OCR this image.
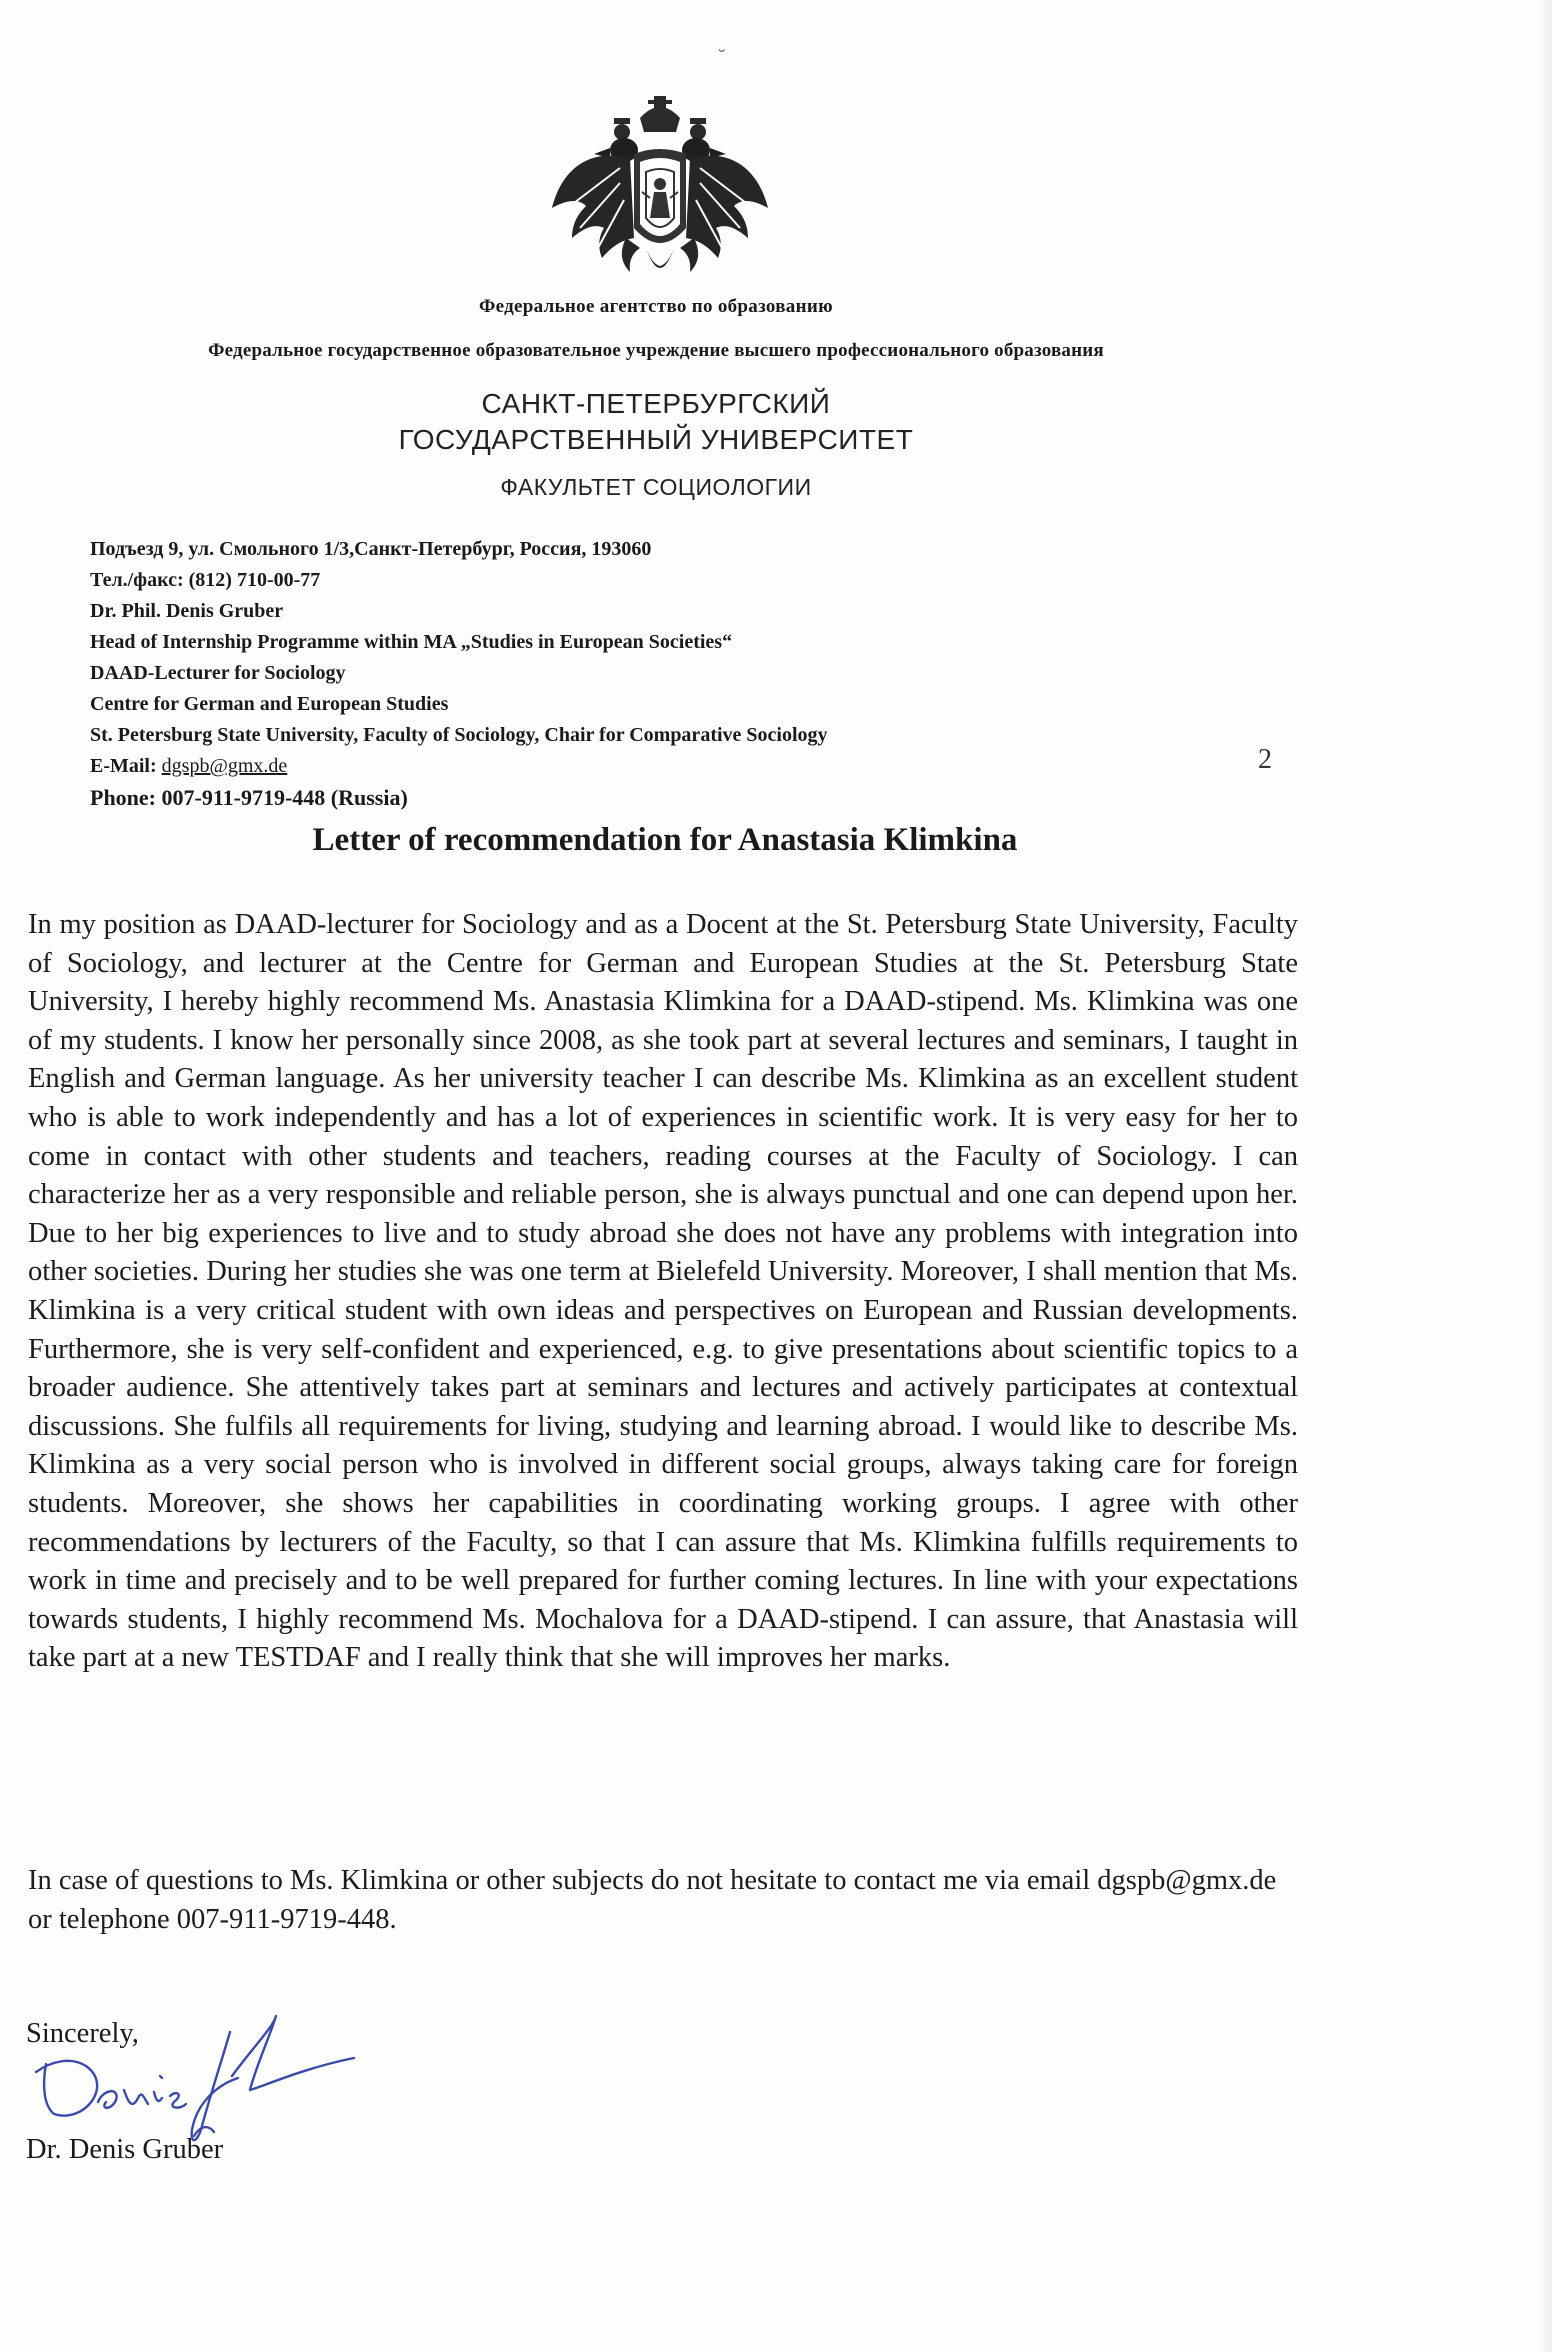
Федеральное агентство по образованию
Федеральное государственное образовательное учреждение высшего профессионального образования
САНКТ-ПЕТЕРБУРГСКИЙ
ГОСУДАРСТВЕННЫЙ УНИВЕРСИТЕТ
ФАКУЛЬТЕТ СОЦИОЛОГИИ
Подъезд 9, ул. Смольного 1/3,Санкт-Петербург, Россия, 193060
Тел./факс: (812) 710-00-77
Dr. Phil. Denis Gruber
Head of Internship Programme within MA „Studies in European Societies“
DAAD-Lecturer for Sociology
Centre for German and European Studies
St. Petersburg State University, Faculty of Sociology, Chair for Comparative Sociology
E-Mail: dgspb@gmx.de
Phone: 007-911-9719-448 (Russia)
2
Letter of recommendation for Anastasia Klimkina
In my position as DAAD-lecturer for Sociology and as a Docent at the St. Petersburg State University, Faculty of Sociology, and lecturer at the Centre for German and European Studies at the St. Petersburg State University, I hereby highly recommend Ms. Anastasia Klimkina for a DAAD-stipend. Ms. Klimkina was one of my students. I know her personally since 2008, as she took part at several lectures and seminars, I taught in English and German language. As her university teacher I can describe Ms. Klimkina as an excellent student who is able to work independently and has a lot of experiences in scientific work. It is very easy for her to come in contact with other students and teachers, reading courses at the Faculty of Sociology. I can characterize her as a very responsible and reliable person, she is always punctual and one can depend upon her. Due to her big experiences to live and to study abroad she does not have any problems with integration into other societies. During her studies she was one term at Bielefeld University. Moreover, I shall mention that Ms. Klimkina is a very critical student with own ideas and perspectives on European and Russian developments. Furthermore, she is very self-confident and experienced, e.g. to give presentations about scientific topics to a broader audience. She attentively takes part at seminars and lectures and actively participates at contextual discussions. She fulfils all requirements for living, studying and learning abroad. I would like to describe Ms. Klimkina as a very social person who is involved in different social groups, always taking care for foreign students. Moreover, she shows her capabilities in coordinating working groups. I agree with other recommendations by lecturers of the Faculty, so that I can assure that Ms. Klimkina fulfills requirements to work in time and precisely and to be well prepared for further coming lectures. In line with your expectations towards students, I highly recommend Ms. Mochalova for a DAAD-stipend. I can assure, that Anastasia will take part at a new TESTDAF and I really think that she will improves her marks.
In case of questions to Ms. Klimkina or other subjects do not hesitate to contact me via email dgspb@gmx.de or telephone 007-911-9719-448.
Sincerely,
Dr. Denis Gruber
˘
